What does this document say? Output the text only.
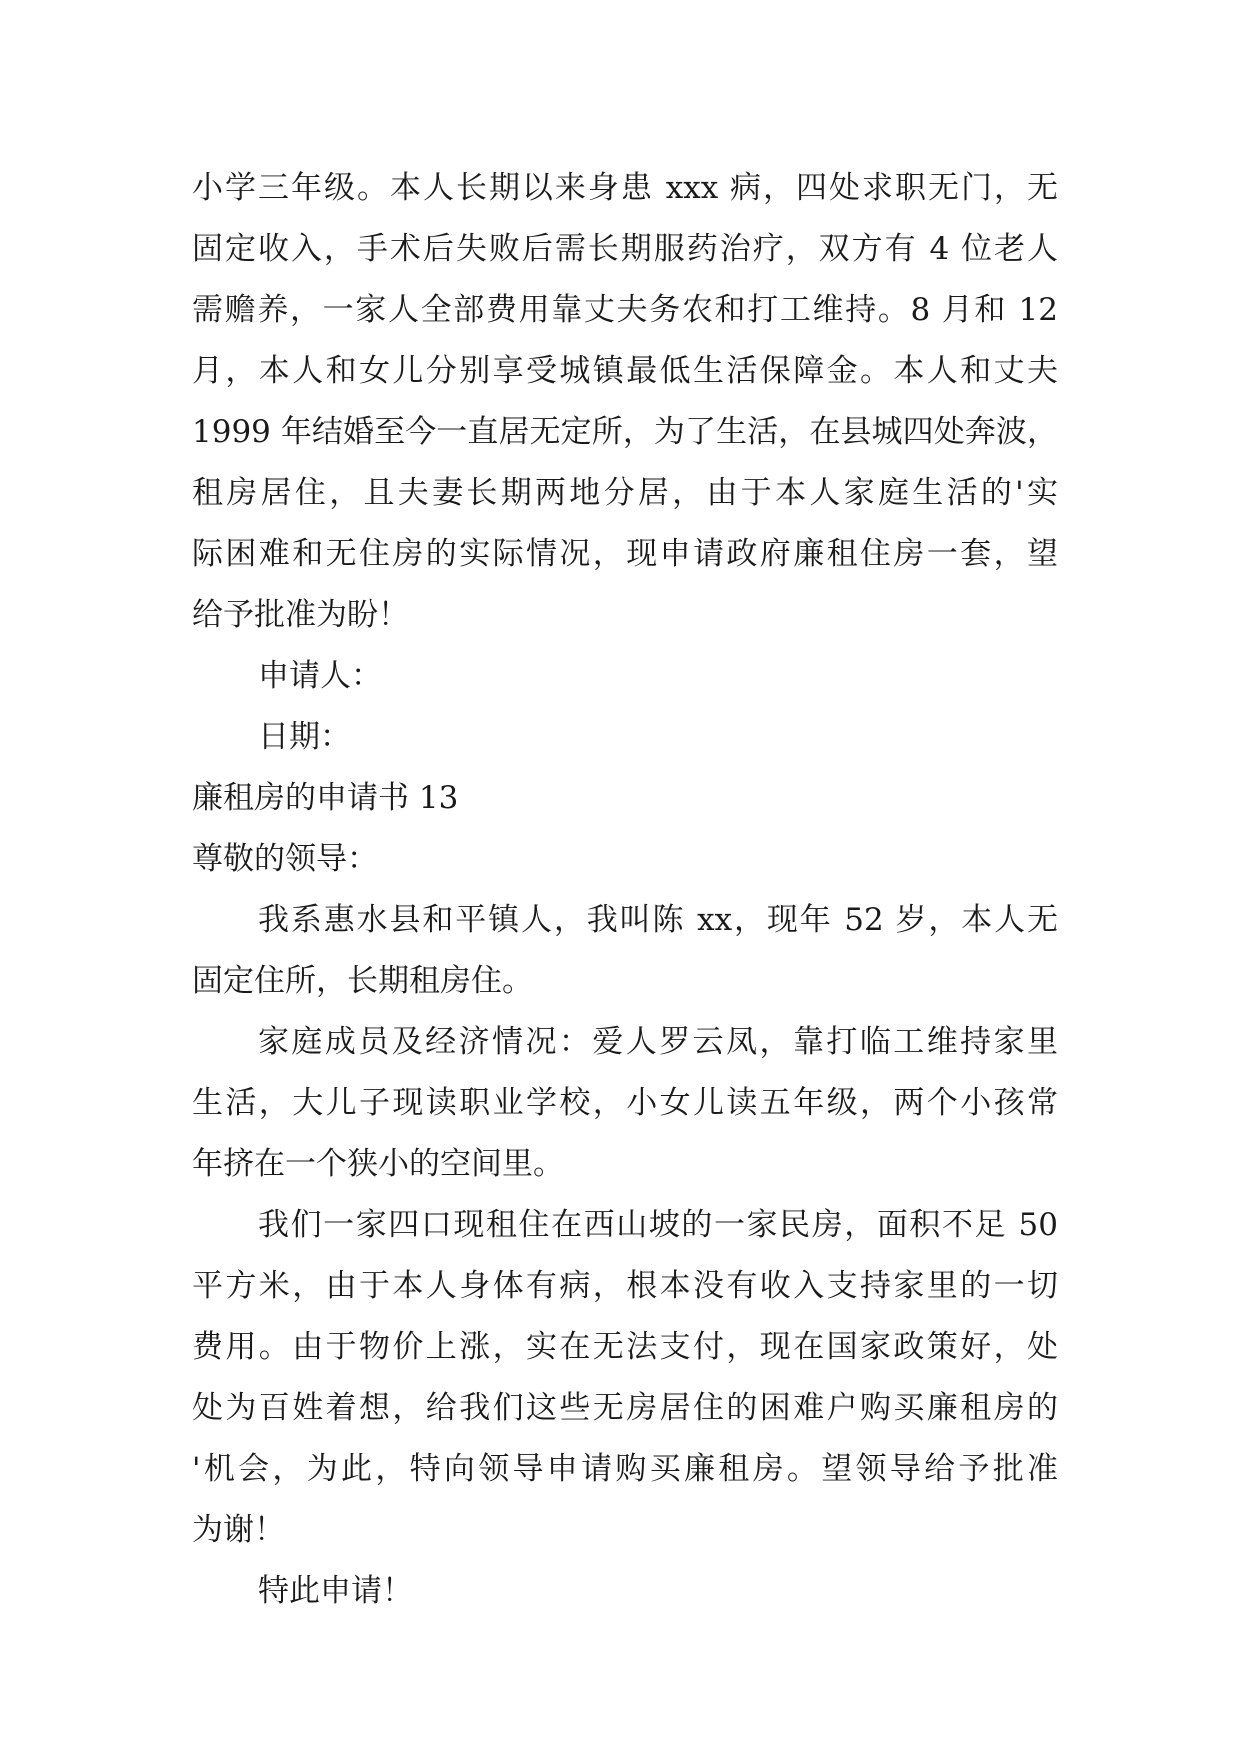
小学三年级。本人长期以来身患 xxx 病，四处求职无门，无
固定收入，手术后失败后需长期服药治疗，双方有 4 位老人
需赡养，一家人全部费用靠丈夫务农和打工维持。8 月和 12
月，本人和女儿分别享受城镇最低生活保障金。本人和丈夫
1999 年结婚至今一直居无定所，为了生活，在县城四处奔波，
租房居住，且夫妻长期两地分居，由于本人家庭生活的'实
际困难和无住房的实际情况，现申请政府廉租住房一套，望
给予批准为盼！
申请人：
日期：
廉租房的申请书 13
尊敬的领导：
我系惠水县和平镇人，我叫陈 xx，现年 52 岁，本人无
固定住所，长期租房住。
家庭成员及经济情况：爱人罗云凤，靠打临工维持家里
生活，大儿子现读职业学校，小女儿读五年级，两个小孩常
年挤在一个狭小的空间里。
我们一家四口现租住在西山坡的一家民房，面积不足 50
平方米，由于本人身体有病，根本没有收入支持家里的一切
费用。由于物价上涨，实在无法支付，现在国家政策好，处
处为百姓着想，给我们这些无房居住的困难户购买廉租房的
'机会，为此，特向领导申请购买廉租房。望领导给予批准
为谢！
特此申请！
